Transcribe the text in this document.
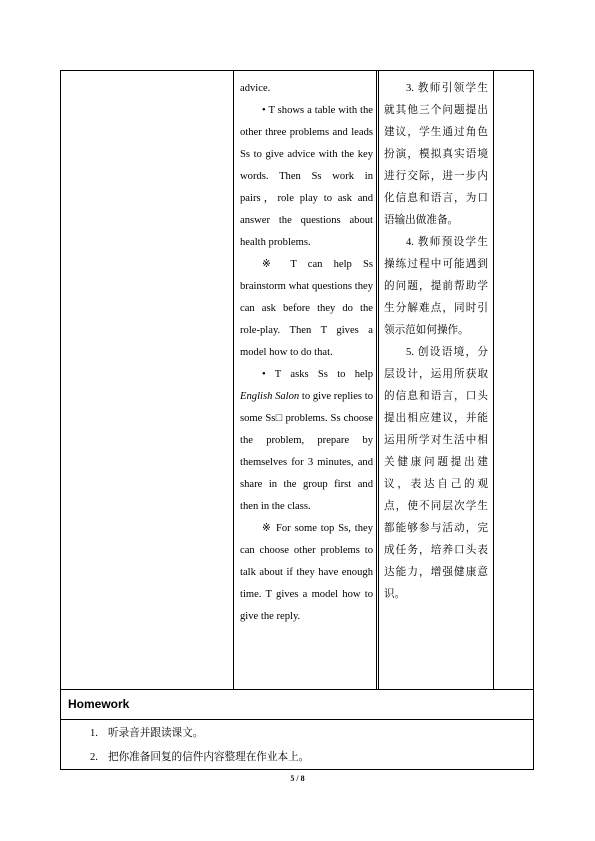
advice.

• T shows a table with the other three problems and leads Ss to give advice with the key words. Then Ss work in pairs，role play to ask and answer the questions about health problems.

※ T can help Ss brainstorm what questions they can ask before they do the role-play. Then T gives a model how to do that.

• T asks Ss to help English Salon to give replies to some Ss□ problems. Ss choose the problem, prepare by themselves for 3 minutes, and share in the group first and then in the class.

※ For some top Ss, they can choose other problems to talk about if they have enough time. T gives a model how to give the reply.

3. 教师引领学生就其他三个问题提出建议，学生通过角色扮演，模拟真实语境进行交际，进一步内化信息和语言，为口语输出做准备。

4. 教师预设学生操练过程中可能遇到的问题，提前帮助学生分解难点，同时引领示范如何操作。

5. 创设语境，分层设计，运用所获取的信息和语言，口头提出相应建议，并能运用所学对生活中相关健康问题提出建议，表达自己的观点，使不同层次学生都能够参与活动，完成任务，培养口头表达能力，增强健康意识。

Homework
1. 听录音并跟读课文。
2. 把你准备回复的信件内容整理在作业本上。
5 / 8
